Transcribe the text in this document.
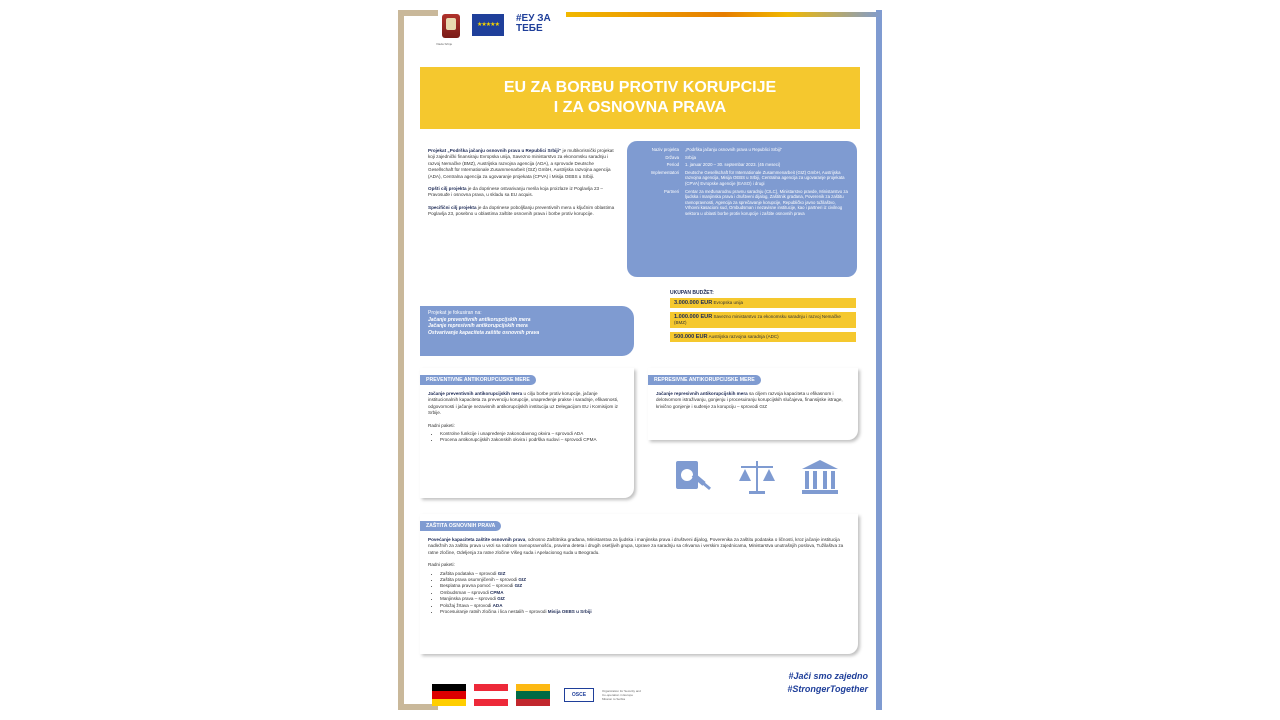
Vlada Srbije
★★★★★
#ЕУ ЗА ТЕБЕ
EU ZA BORBU PROTIV KORUPCIJE
I ZA OSNOVNA PRAVA

Projekat „Podrška jačanju osnovnih prava u Republici Srbiji“ je multikorisnički projekat koji zajednički finansiraju Evropska unija, Savezno ministarstvo za ekonomsku saradnju i razvoj Nemačke (BMZ), Austrijska razvojna agencija (ADA), a sprovode Deutsche Gesellschaft für Internationale Zusammenarbeit (GIZ) GmbH, Austrijska razvojna agencija (ADA), Centralna agencija za ugovaranje projekata (CPVA) i Misija OEBS u Srbiji.

Opšti cilj projekta je da doprinese ostvarivanju merila koja proizlaze iz Poglavlja 23 – Pravosuđe i osnovna prava, u skladu sa EU acquis.

Specifični cilj projekta je da doprinese poboljšanju preventivnih mera u ključnim oblastima Poglavlja 23, posebno u oblastima zaštite osnovnih prava i borbe protiv korupcije.

Naziv projekta „Podrška jačanju osnovnih prava u Republici Srbiji“
Država Srbija
Period 1. januar 2020 – 30. septembar 2023. (45 meseci)
Implementatori Deutsche Gesellschaft für Internationale Zusammenarbeit (GIZ) GmbH, Austrijska razvojna agencija, Misija OEBS u Srbiji, Centralna agencija za ugovaranje projekata (CPVA) Evropske agencije (EASO) i drugi
Partneri Centar za međunarodnu pravnu saradnju (CILC), Ministarstvo pravde, Ministarstvo za ljudska i manjinska prava i društveni dijalog, Zaštitnik građana, Poverenik za zaštitu ravnopravnosti, Agencija za sprečavanje korupcije, Republičko javno tužilaštvo, Vrhovni kasacioni sud, Ombudsman i nezavisne institucije, kao i partneri iz civilnog sektora u oblasti borbe protiv korupcije i zaštite osnovnih prava
Projekat je fokusiran na:
Jačanje preventivnih antikorupcijskih mera
Jačanje represivnih antikorupcijskih mera
Ostvarivanje kapaciteta zaštite osnovnih prava
UKUPAN BUDŽET:
3.000.000 EUR Evropska unija
1.000.000 EUR Savezno ministarstvo za ekonomsku saradnju i razvoj Nemačke (BMZ)
500.000 EUR Austrijska razvojna saradnja (ADC)
PREVENTIVNE ANTIKORUPCIJSKE MERE
Jačanje preventivnih antikorupcijskih mera u cilju borbe protiv korupcije, jačanje institucionalnih kapaciteta za prevenciju korupcije, unapređenje prakse i saradnje, efikasnosti, odgovornosti i jačanje nezavisnih antikorupcijskih institucija uz Delegacijom EU i Komisijom iz Srbije.
Radni paketi:
• Kontrolne funkcije i unapređenje zakonodavnog okvira – sprovodi ADA
• Procena antikorupcijskih zakonskih okvira i podrška sudovi – sprovodi CPMA
REPRESIVNE ANTIKORUPCIJSKE MERE
Jačanje represivnih antikorupcijskih mera sa ciljem razvoja kapaciteta u efikasnom i delotvornom istraživanju, gonjenju i procesuiranju korupcijskih slučajeva, finansijske istrage, krivično gonjenje i suđenje za korupciju – sprovodi GIZ
ZAŠTITA OSNOVNIH PRAVA
Povećanje kapaciteta zaštite osnovnih prava, odnosno Zaštitnika građana, Ministarstva za ljudska i manjinska prava i društveni dijalog, Poverenika za zaštitu podataka o ličnosti, kroz jačanje institucija nadležnih za zaštitu prava u vezi sa rodnom ravnopravnošću, pravima deteta i drugih osetljivih grupa, Uprave za saradnju sa crkvama i verskim zajednicama, Ministarstva unutrašnjih poslova, Tužilaštva za ratne zločine, Odeljenja za ratne zločine Višeg suda i Apelacionog suda u Beogradu.
Radni paketi:
• Zaštita podataka – sprovodi GIZ
• Zaštita prava osumnjičenih – sprovodi GIZ
• Besplatna pravna pomoć – sprovodi GIZ
• Ombudsman – sprovodi CPMA
• Manjinska prava – sprovodi GIZ
• Položaj žrtava – sprovodi ADA
• Procesuiranje ratnih zločina i lica nestalih – sprovodi Misija OEBS u Srbiji
OSCE
Organization for Security and Co-operation in Europe Mission to Serbia
#Jači smo zajedno
#StrongerTogether
